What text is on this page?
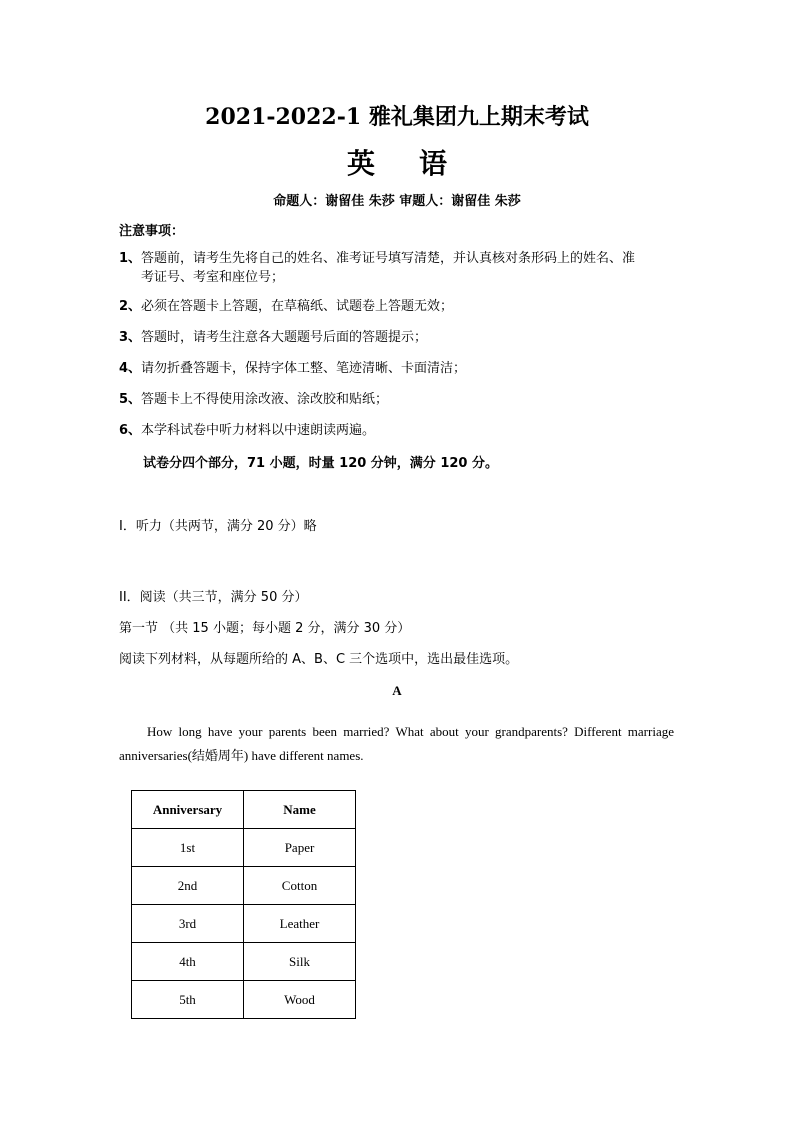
2021-2022-1 雅礼集团九上期末考试
英语
命题人：谢留佳 朱莎 审题人：谢留佳 朱莎
注意事项：
1、答题前，请考生先将自己的姓名、准考证号填写清楚，并认真核对条形码上的姓名、准
考证号、考室和座位号；
2、必须在答题卡上答题，在草稿纸、试题卷上答题无效；
3、答题时，请考生注意各大题题号后面的答题提示；
4、请勿折叠答题卡，保持字体工整、笔迹清晰、卡面清洁；
5、答题卡上不得使用涂改液、涂改胶和贴纸；
6、本学科试卷中听力材料以中速朗读两遍。
试卷分四个部分，71 小题，时量 120 分钟，满分 120 分。
I．听力（共两节，满分 20 分）略
II．阅读（共三节，满分 50 分）
第一节 （共 15 小题；每小题 2 分，满分 30 分）
阅读下列材料，从每题所给的 A、B、C 三个选项中，选出最佳选项。
A
How long have your parents been married? What about your grandparents? Different marriage anniversaries(结婚周年) have different names.
Anniversary	Name
1st	Paper
2nd	Cotton
3rd	Leather
4th	Silk
5th	Wood
